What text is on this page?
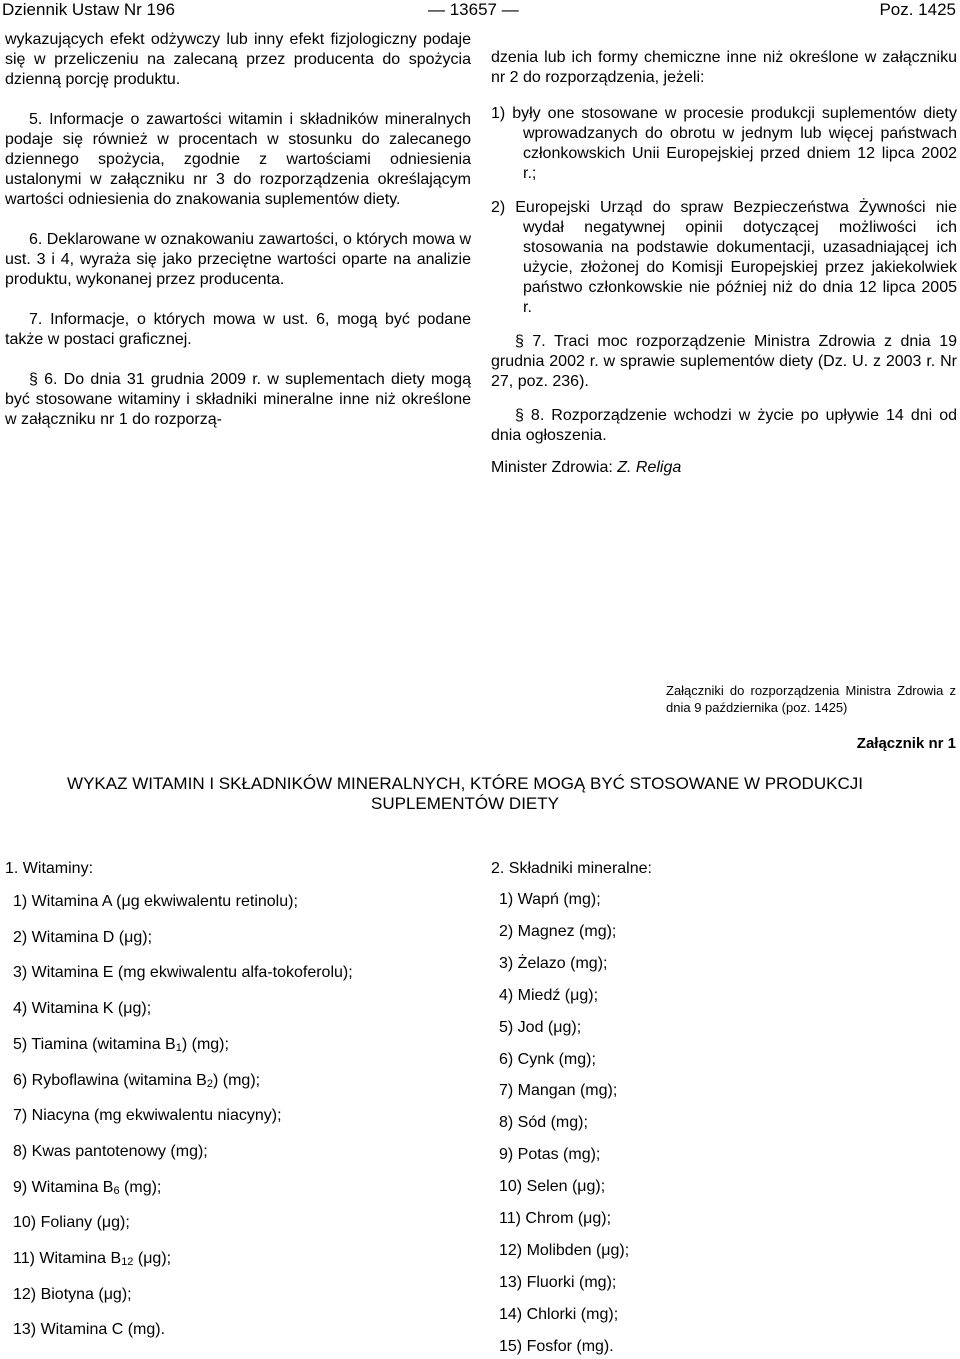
Dziennik Ustaw Nr 196	— 13657 —	Poz. 1425

wykazujących efekt odżywczy lub inny efekt fizjologiczny podaje się w przeliczeniu na zalecaną przez producenta do spożycia dzienną porcję produktu.

5. Informacje o zawartości witamin i składników mineralnych podaje się również w procentach w stosunku do zalecanego dziennego spożycia, zgodnie z wartościami odniesienia ustalonymi w załączniku nr 3 do rozporządzenia określającym wartości odniesienia do znakowania suplementów diety.

6. Deklarowane w oznakowaniu zawartości, o których mowa w ust. 3 i 4, wyraża się jako przeciętne wartości oparte na analizie produktu, wykonanej przez producenta.

7. Informacje, o których mowa w ust. 6, mogą być podane także w postaci graficznej.

§ 6. Do dnia 31 grudnia 2009 r. w suplementach diety mogą być stosowane witaminy i składniki mineralne inne niż określone w załączniku nr 1 do rozporzą-

dzenia lub ich formy chemiczne inne niż określone w załączniku nr 2 do rozporządzenia, jeżeli:

1) były one stosowane w procesie produkcji suplementów diety wprowadzanych do obrotu w jednym lub więcej państwach członkowskich Unii Europejskiej przed dniem 12 lipca 2002 r.;

2) Europejski Urząd do spraw Bezpieczeństwa Żywności nie wydał negatywnej opinii dotyczącej możliwości ich stosowania na podstawie dokumentacji, uzasadniającej ich użycie, złożonej do Komisji Europejskiej przez jakiekolwiek państwo członkowskie nie później niż do dnia 12 lipca 2005 r.

§ 7. Traci moc rozporządzenie Ministra Zdrowia z dnia 19 grudnia 2002 r. w sprawie suplementów diety (Dz. U. z 2003 r. Nr 27, poz. 236).

§ 8. Rozporządzenie wchodzi w życie po upływie 14 dni od dnia ogłoszenia.

Minister Zdrowia: Z. Religa

Załączniki do rozporządzenia Ministra Zdrowia z dnia 9 października (poz. 1425)
Załącznik nr 1
WYKAZ WITAMIN I SKŁADNIKÓW MINERALNYCH, KTÓRE MOGĄ BYĆ STOSOWANE W PRODUKCJI SUPLEMENTÓW DIETY
1. Witaminy:
1) Witamina A (μg ekwiwalentu retinolu);
2) Witamina D (μg);
3) Witamina E (mg ekwiwalentu alfa-tokoferolu);
4) Witamina K (μg);
5) Tiamina (witamina $B_1$) (mg);
6) Ryboflawina (witamina $B_2$) (mg);
7) Niacyna (mg ekwiwalentu niacyny);
8) Kwas pantotenowy (mg);
9) Witamina $B_6$ (mg);
10) Foliany (μg);
11) Witamina $B_{12}$ (μg);
12) Biotyna (μg);
13) Witamina C (mg).
2. Składniki mineralne:
1) Wapń (mg);
2) Magnez (mg);
3) Żelazo (mg);
4) Miedź (μg);
5) Jod (μg);
6) Cynk (mg);
7) Mangan (mg);
8) Sód (mg);
9) Potas (mg);
10) Selen (μg);
11) Chrom (μg);
12) Molibden (μg);
13) Fluorki (mg);
14) Chlorki (mg);
15) Fosfor (mg).
